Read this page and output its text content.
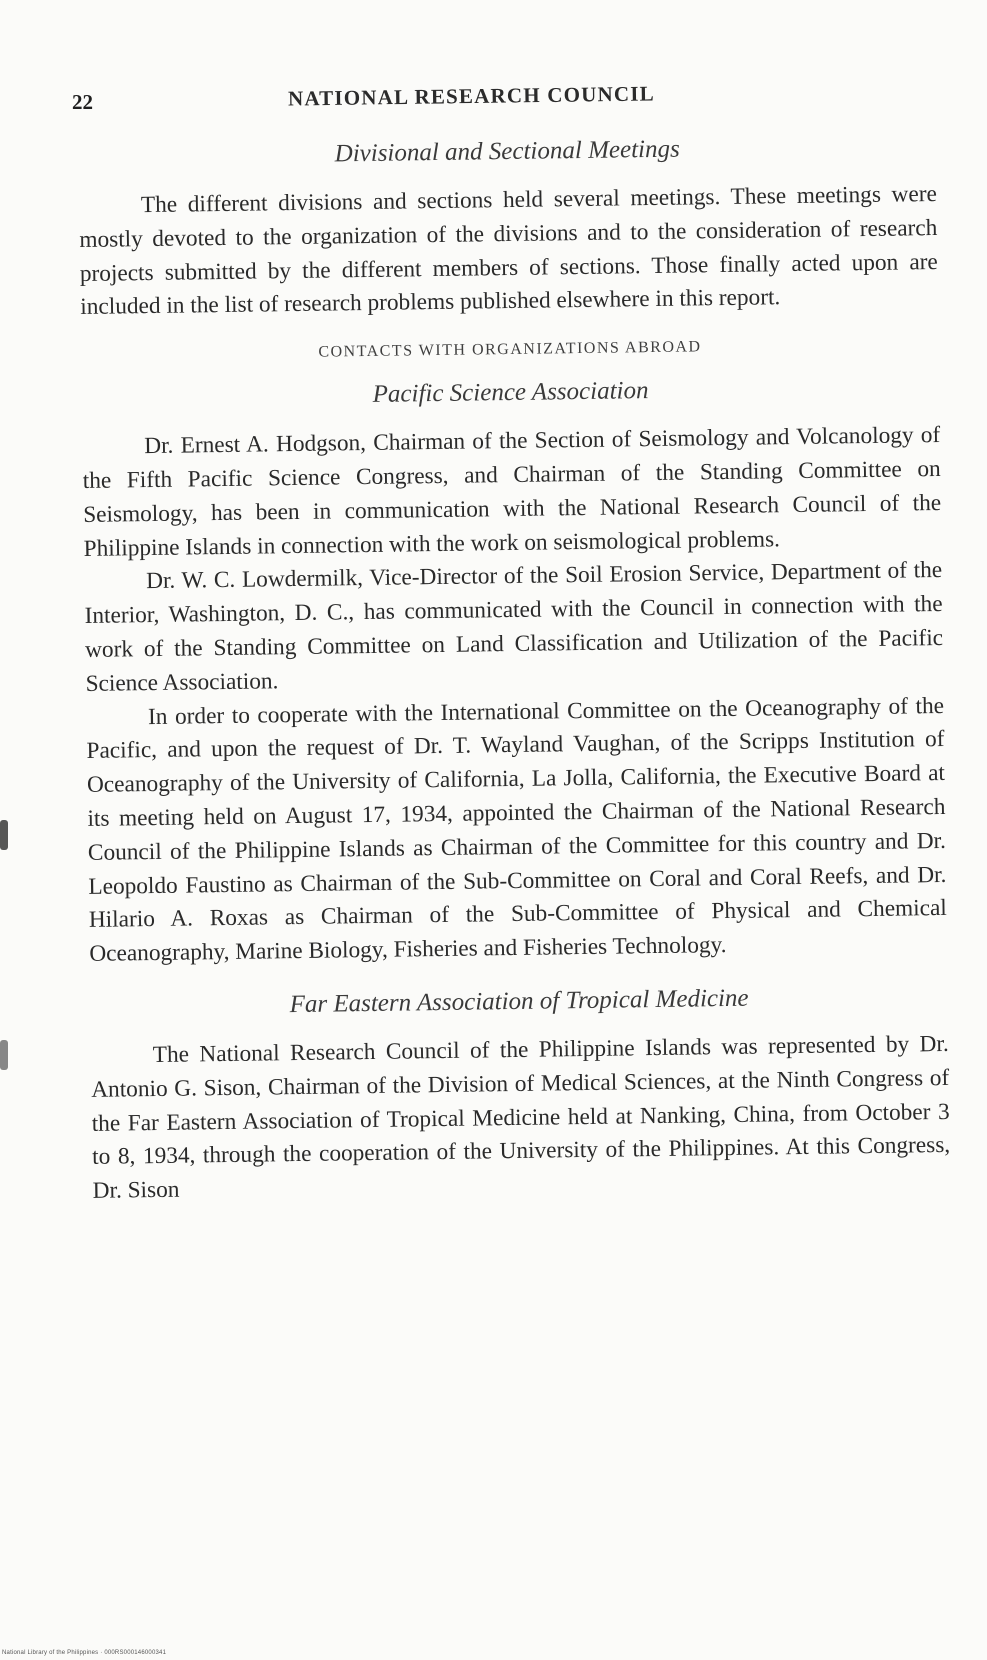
22	NATIONAL RESEARCH COUNCIL
Divisional and Sectional Meetings

The different divisions and sections held several meetings. These meetings were mostly devoted to the organization of the divisions and to the consideration of research projects submitted by the different members of sections. Those finally acted upon are included in the list of research problems published elsewhere in this report.

CONTACTS WITH ORGANIZATIONS ABROAD
Pacific Science Association

Dr. Ernest A. Hodgson, Chairman of the Section of Seismology and Volcanology of the Fifth Pacific Science Congress, and Chairman of the Standing Committee on Seismology, has been in communication with the National Research Council of the Philippine Islands in connection with the work on seismological problems.

Dr. W. C. Lowdermilk, Vice-Director of the Soil Erosion Service, Department of the Interior, Washington, D. C., has communicated with the Council in connection with the work of the Standing Committee on Land Classification and Utilization of the Pacific Science Association.

In order to cooperate with the International Committee on the Oceanography of the Pacific, and upon the request of Dr. T. Wayland Vaughan, of the Scripps Institution of Oceanography of the University of California, La Jolla, California, the Executive Board at its meeting held on August 17, 1934, appointed the Chairman of the National Research Council of the Philippine Islands as Chairman of the Committee for this country and Dr. Leopoldo Faustino as Chairman of the Sub-Committee on Coral and Coral Reefs, and Dr. Hilario A. Roxas as Chairman of the Sub-Committee of Physical and Chemical Oceanography, Marine Biology, Fisheries and Fisheries Technology.

Far Eastern Association of Tropical Medicine

The National Research Council of the Philippine Islands was represented by Dr. Antonio G. Sison, Chairman of the Division of Medical Sciences, at the Ninth Congress of the Far Eastern Association of Tropical Medicine held at Nanking, China, from October 3 to 8, 1934, through the cooperation of the University of the Philippines. At this Congress, Dr. Sison

National Library of the Philippines · 000RS000146000341
